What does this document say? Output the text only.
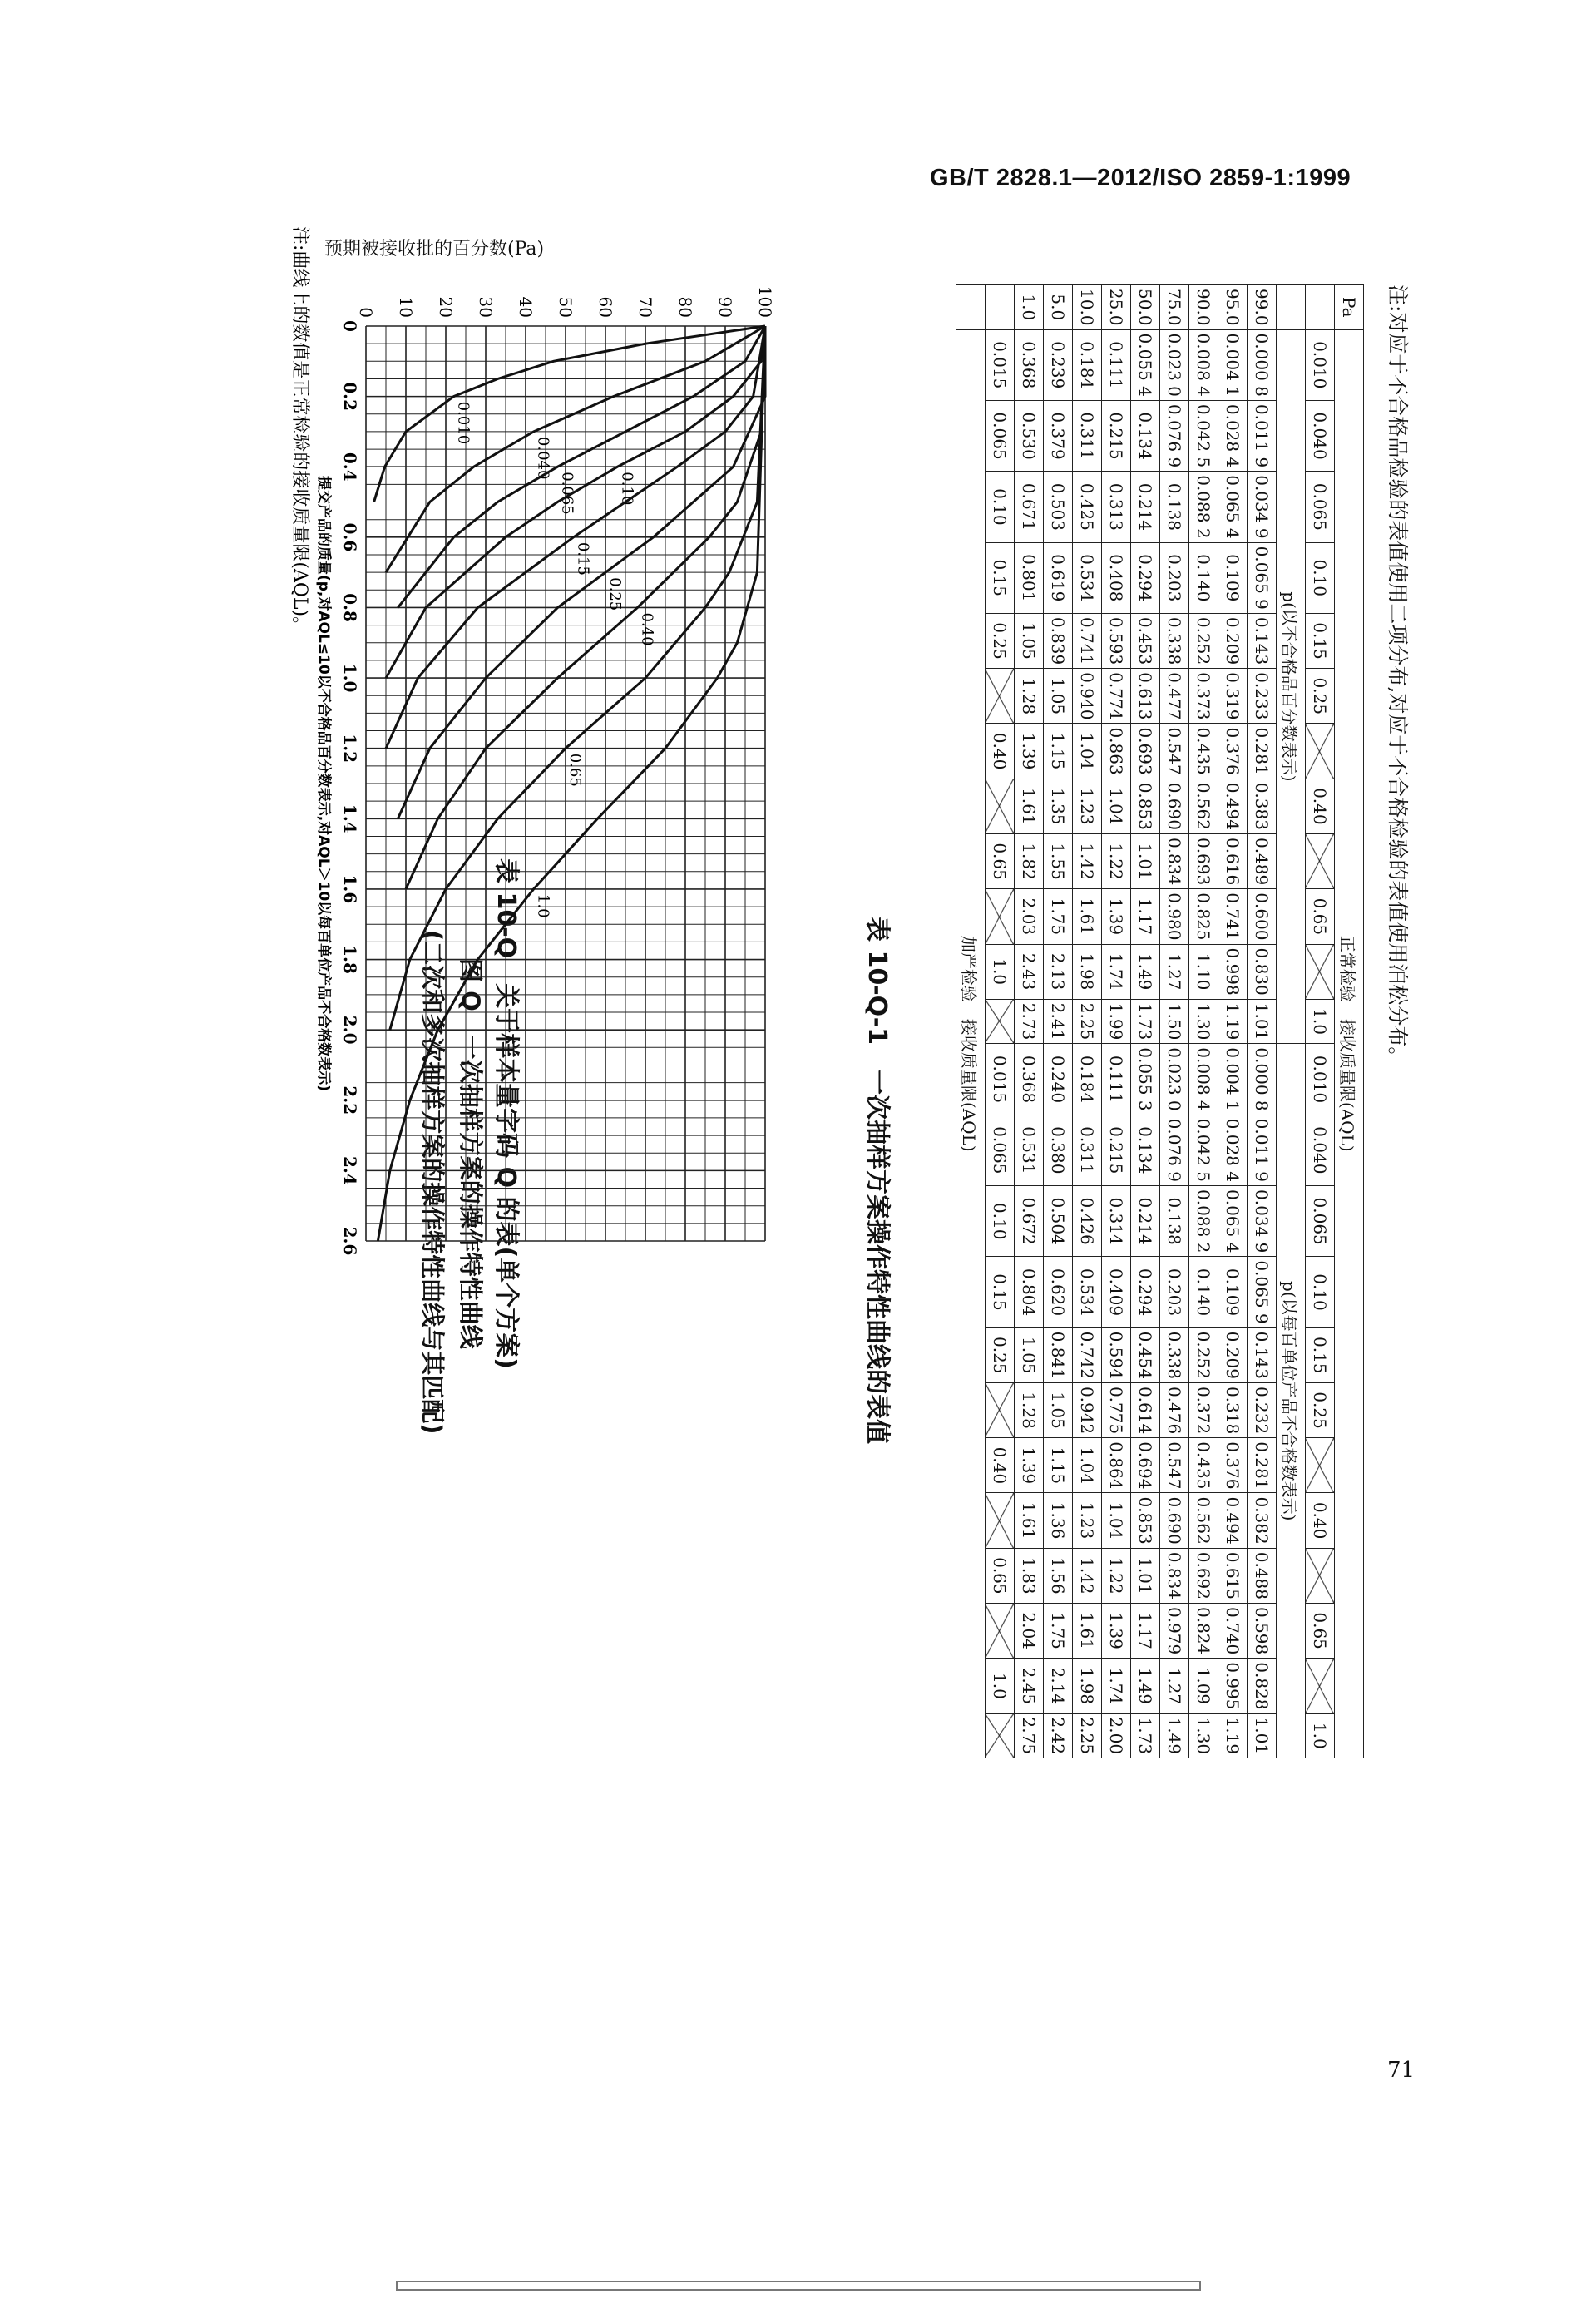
GB/T 2828.1—2012/ISO 2859-1:1999
表 10-Q　关于样本量字码 Q 的表(单个方案)
图 Q　一次抽样方案的操作特性曲线
(二次和多次抽样方案的操作特性曲线与其匹配)
0
0.2
0.4
0.6
0.8
1.0
1.2
1.4
1.6
1.8
2.0
2.2
2.4
2.6
0 10 20 30 40 50 60 70 80 90 100
0.010
0.040
0.065	0.10
0.15
0.25
0.40
0.65
1.0
提交产品的质量(p,对AQL≤10以不合格品百分数表示,对AQL＞10以每百单位产品不合格数表示)
注:曲线上的数值是正常检验的接收质量限(AQL)。 预期被接收批的百分数(Pa)
注:对应于不合格品检验的表值使用二项分布,对应于不合格检验的表值使用泊松分布。
Pa	正常检验　接收质量限(AQL)																							
	0.010	0.040	0.065	0.10	0.15	0.25		0.40		0.65		1.0	0.010	0.040	0.065	0.10	0.15	0.25		0.40		0.65		1.0
	p(以不合格品百分数表示)												p(以每百单位产品不合格数表示)											
99.0	0.000 8	0.011 9	0.034 9	0.065 9	0.143	0.233	0.281	0.383	0.489	0.600	0.830	1.01	0.000 8	0.011 9	0.034 9	0.065 9	0.143	0.232	0.281	0.382	0.488	0.598	0.828	1.01
95.0	0.004 1	0.028 4	0.065 4	0.109	0.209	0.319	0.376	0.494	0.616	0.741	0.998	1.19	0.004 1	0.028 4	0.065 4	0.109	0.209	0.318	0.376	0.494	0.615	0.740	0.995	1.19
90.0	0.008 4	0.042 5	0.088 2	0.140	0.252	0.373	0.435	0.562	0.693	0.825	1.10	1.30	0.008 4	0.042 5	0.088 2	0.140	0.252	0.372	0.435	0.562	0.692	0.824	1.09	1.30
75.0	0.023 0	0.076 9	0.138	0.203	0.338	0.477	0.547	0.690	0.834	0.980	1.27	1.50	0.023 0	0.076 9	0.138	0.203	0.338	0.476	0.547	0.690	0.834	0.979	1.27	1.49
50.0	0.055 4	0.134	0.214	0.294	0.453	0.613	0.693	0.853	1.01	1.17	1.49	1.73	0.055 3	0.134	0.214	0.294	0.454	0.614	0.694	0.853	1.01	1.17	1.49	1.73
25.0	0.111	0.215	0.313	0.408	0.593	0.774	0.863	1.04	1.22	1.39	1.74	1.99	0.111	0.215	0.314	0.409	0.594	0.775	0.864	1.04	1.22	1.39	1.74	2.00
10.0	0.184	0.311	0.425	0.534	0.741	0.940	1.04	1.23	1.42	1.61	1.98	2.25	0.184	0.311	0.426	0.534	0.742	0.942	1.04	1.23	1.42	1.61	1.98	2.25
5.0	0.239	0.379	0.503	0.619	0.839	1.05	1.15	1.35	1.55	1.75	2.13	2.41	0.240	0.380	0.504	0.620	0.841	1.05	1.15	1.36	1.56	1.75	2.14	2.42
1.0	0.368	0.530	0.671	0.801	1.05	1.28	1.39	1.61	1.82	2.03	2.43	2.73	0.368	0.531	0.672	0.804	1.05	1.28	1.39	1.61	1.83	2.04	2.45	2.75
	0.015	0.065	0.10	0.15	0.25		0.40		0.65		1.0		0.015	0.065	0.10	0.15	0.25		0.40		0.65		1.0	
	加严检验　接收质量限(AQL)																							
表 10-Q-1　一次抽样方案操作特性曲线的表值
71
